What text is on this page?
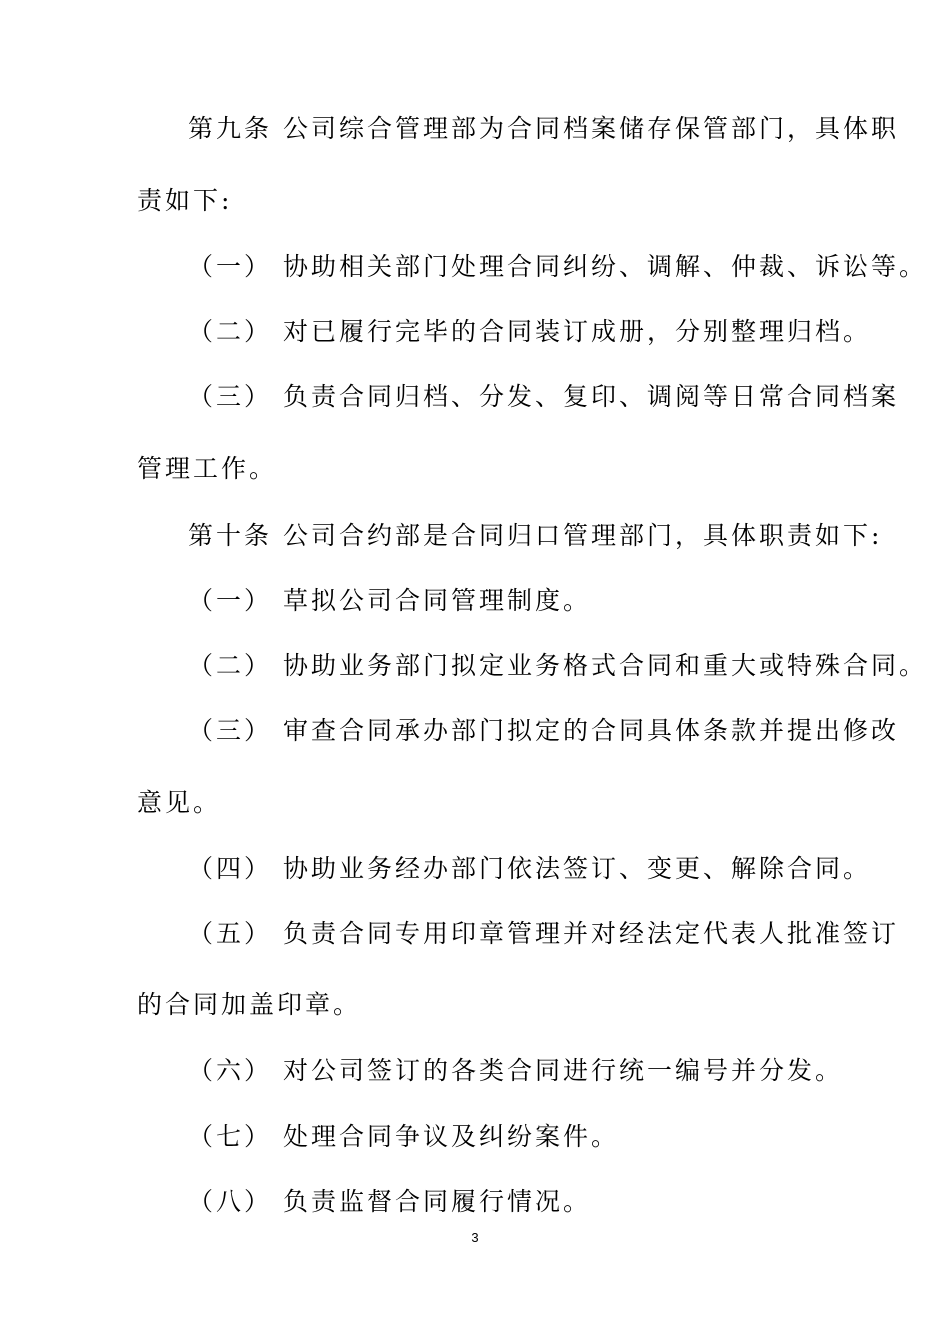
第九条 公司综合管理部为合同档案储存保管部门，具体职
责如下:
（一） 协助相关部门处理合同纠纷、调解、仲裁、诉讼等。
（二） 对已履行完毕的合同装订成册，分别整理归档。
（三） 负责合同归档、分发、复印、调阅等日常合同档案
管理工作。
第十条 公司合约部是合同归口管理部门，具体职责如下:
（一） 草拟公司合同管理制度。
（二） 协助业务部门拟定业务格式合同和重大或特殊合同。
（三） 审查合同承办部门拟定的合同具体条款并提出修改
意见。
（四） 协助业务经办部门依法签订、变更、解除合同。
（五） 负责合同专用印章管理并对经法定代表人批准签订
的合同加盖印章。
（六） 对公司签订的各类合同进行统一编号并分发。
（七） 处理合同争议及纠纷案件。
（八） 负责监督合同履行情况。
3
